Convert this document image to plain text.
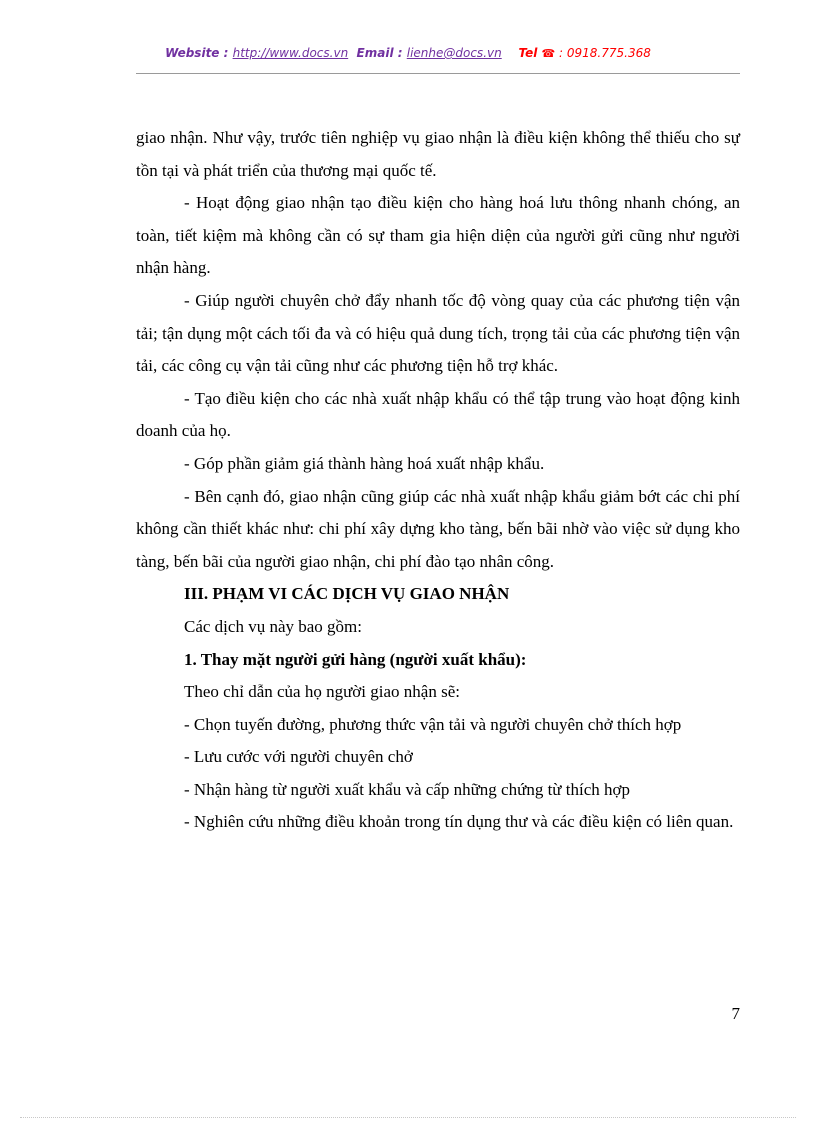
Website : http://www.docs.vn Email : lienhe@docs.vn Tel ☎ : 0918.775.368

giao nhận. Như vậy, trước tiên nghiệp vụ giao nhận là điều kiện không thể thiếu cho sự tồn tại và phát triển của thương mại quốc tế.

- Hoạt động giao nhận tạo điều kiện cho hàng hoá lưu thông nhanh chóng, an toàn, tiết kiệm mà không cần có sự tham gia hiện diện của người gửi cũng như người nhận hàng.

- Giúp người chuyên chở đẩy nhanh tốc độ vòng quay của các phương tiện vận tải; tận dụng một cách tối đa và có hiệu quả dung tích, trọng tải của các phương tiện vận tải, các công cụ vận tải cũng như các phương tiện hỗ trợ khác.

- Tạo điều kiện cho các nhà xuất nhập khẩu có thể tập trung vào hoạt động kinh doanh của họ.

- Góp phần giảm giá thành hàng hoá xuất nhập khẩu.

- Bên cạnh đó, giao nhận cũng giúp các nhà xuất nhập khẩu giảm bớt các chi phí không cần thiết khác như: chi phí xây dựng kho tàng, bến bãi nhờ vào việc sử dụng kho tàng, bến bãi của người giao nhận, chi phí đào tạo nhân công.

III. PHẠM VI CÁC DỊCH VỤ GIAO NHẬN

Các dịch vụ này bao gồm:

1. Thay mặt người gửi hàng (người xuất khẩu):

Theo chỉ dẫn của họ người giao nhận sẽ:

- Chọn tuyến đường, phương thức vận tải và người chuyên chở thích hợp

- Lưu cước với người chuyên chở

- Nhận hàng từ người xuất khẩu và cấp những chứng từ thích hợp

- Nghiên cứu những điều khoản trong tín dụng thư và các điều kiện có liên quan.

7
